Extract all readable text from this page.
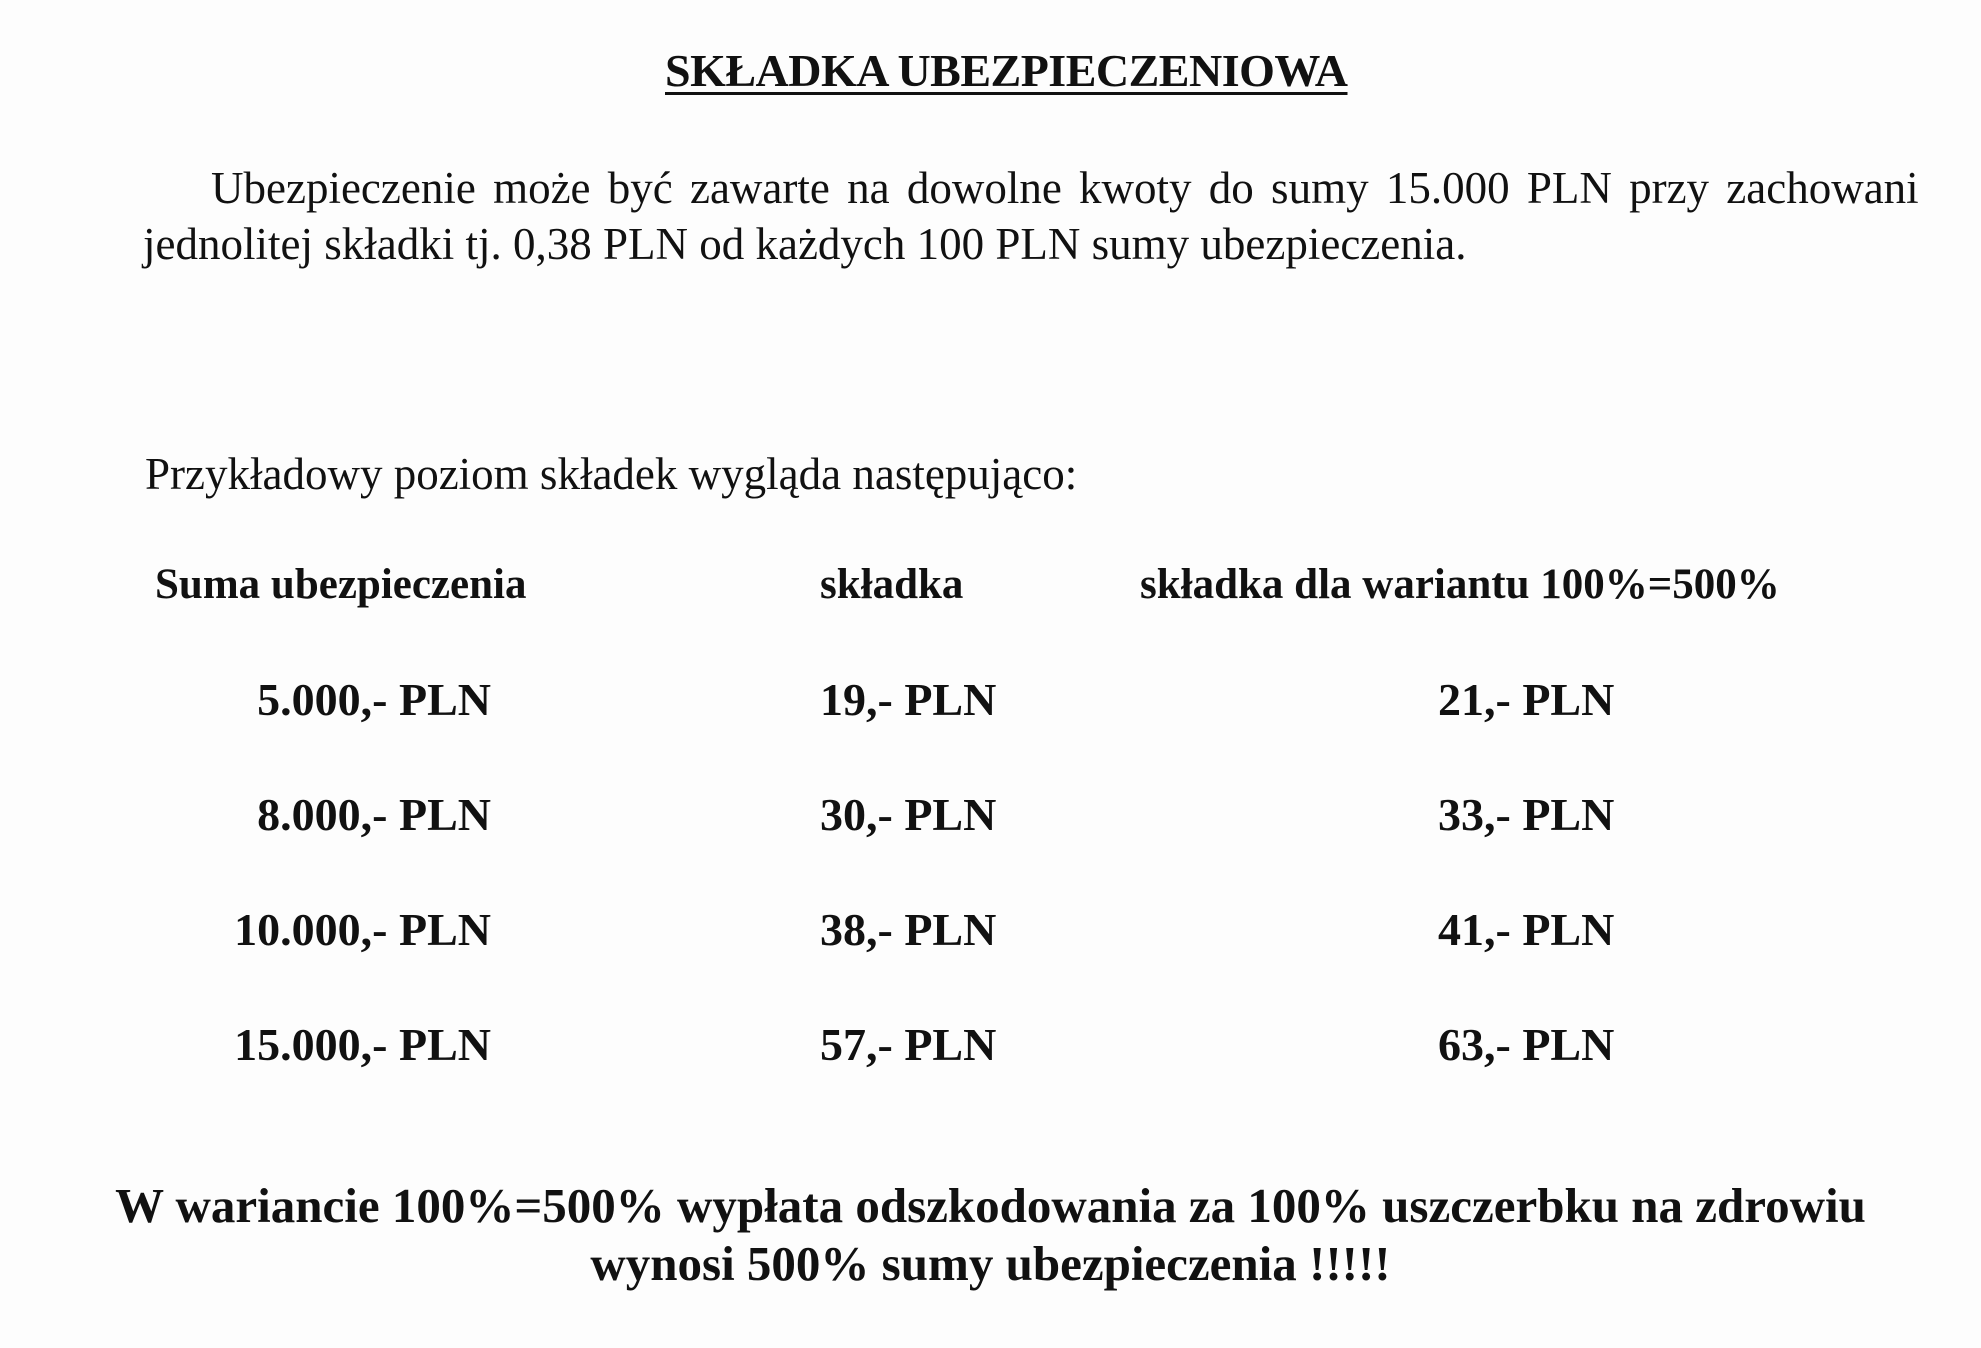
SKŁADKA UBEZPIECZENIOWA
Ubezpieczenie może być zawarte na dowolne kwoty do sumy 15.000 PLN przy zachowani
jednolitej składki tj. 0,38 PLN od każdych 100 PLN sumy ubezpieczenia.
Przykładowy poziom składek wygląda następująco:
Suma ubezpieczenia	składka	składka dla wariantu 100%=500%
5.000,- PLN	19,- PLN	21,- PLN
8.000,- PLN	30,- PLN	33,- PLN
10.000,- PLN	38,- PLN	41,- PLN
15.000,- PLN	57,- PLN	63,- PLN
W wariancie 100%=500% wypłata odszkodowania za 100% uszczerbku na zdrowiu
wynosi 500% sumy ubezpieczenia !!!!!
